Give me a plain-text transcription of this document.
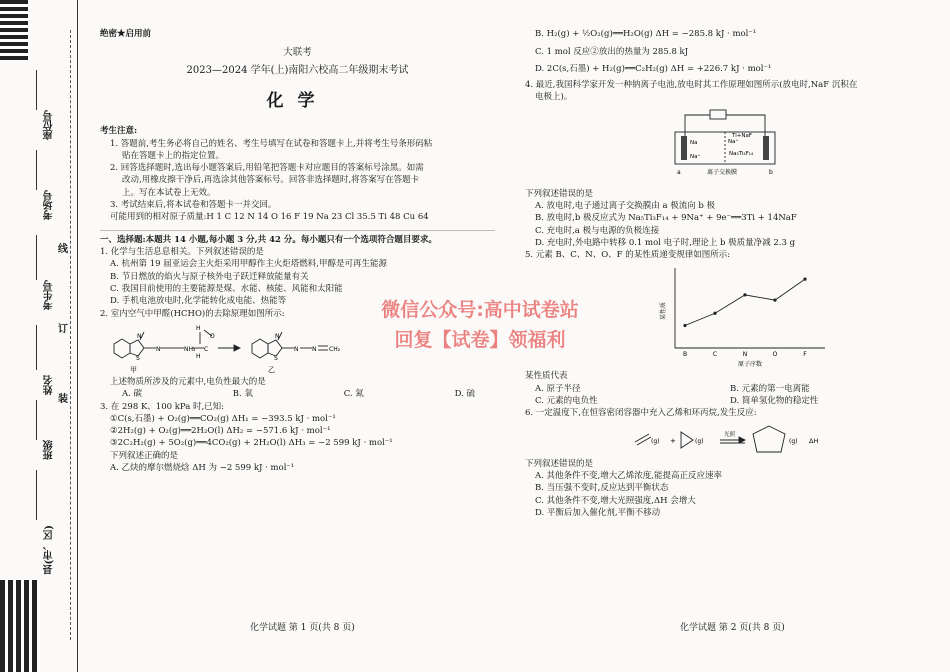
座位号
考场号
考生号
姓名
班级
县(市、区)
线
订
装
绝密★启用前
大联考
2023—2024 学年(上)南阳六校高二年级期末考试
化学
考生注意:
1. 答题前,考生务必将自己的姓名、考生号填写在试卷和答题卡上,并将考生号条形码粘
贴在答题卡上的指定位置。
2. 回答选择题时,选出每小题答案后,用铅笔把答题卡对应题目的答案标号涂黑。如需
改动,用橡皮擦干净后,再选涂其他答案标号。回答非选择题时,将答案写在答题卡
上。写在本试卷上无效。
3. 考试结束后,将本试卷和答题卡一并交回。
可能用到的相对原子质量:H 1 C 12 N 14 O 16 F 19 Na 23 Cl 35.5 Ti 48 Cu 64
一、选择题:本题共 14 小题,每小题 3 分,共 42 分。每小题只有一个选项符合题目要求。
1. 化学与生活息息相关。下列叙述错误的是
A. 杭州第 19 届亚运会主火炬采用甲醇作主火炬塔燃料,甲醇是可再生能源
B. 节日燃放的焰火与原子核外电子跃迁释放能量有关
C. 我国目前使用的主要能源是煤、水能、核能、风能和太阳能
D. 手机电池放电时,化学能转化成电能、热能等
2. 室内空气中甲醛(HCHO)的去除原理如图所示:
S
N
N	NH₂
H
C
O
H	S
N
N N CH₂
甲	乙
上述物质所涉及的元素中,电负性最大的是
A. 碳	B. 氧	C. 氮	D. 硫
3. 在 298 K、100 kPa 时,已知:
①C(s,石墨) + O₂(g)══CO₂(g) ΔH₁ = −393.5 kJ · mol⁻¹
②2H₂(g) + O₂(g)══2H₂O(l) ΔH₂ = −571.6 kJ · mol⁻¹
③2C₂H₂(g) + 5O₂(g)══4CO₂(g) + 2H₂O(l) ΔH₃ = −2 599 kJ · mol⁻¹
下列叙述正确的是
A. 乙炔的摩尔燃烧焓 ΔH 为 −2 599 kJ · mol⁻¹
B. H₂(g) + ½O₂(g)══H₂O(g) ΔH = −285.8 kJ · mol⁻¹
C. 1 mol 反应②放出的热量为 285.8 kJ
D. 2C(s,石墨) + H₂(g)══C₂H₂(g) ΔH = +226.7 kJ · mol⁻¹
4. 最近,我国科学家开发一种钠离子电池,放电时其工作原理如图所示(放电时,NaF 沉积在
电极上)。
Na
Na⁺
Na⁺
Ti+NaF
Na₃Ti₂F₁₄
a	b
离子交换膜
下列叙述错误的是
A. 放电时,电子通过离子交换膜由 a 极流向 b 极
B. 放电时,b 极反应式为 Na₅Ti₃F₁₄ + 9Na⁺ + 9e⁻══3Ti + 14NaF
C. 充电时,a 极与电源的负极连接
D. 充电时,外电路中转移 0.1 mol 电子时,理论上 b 极质量净减 2.3 g
5. 元素 B、C、N、O、F 的某性质递变规律如图所示:
某性质
原子序数
B	C	N	O	F
某性质代表
A. 原子半径	B. 元素的第一电离能
C. 元素的电负性	D. 简单氢化物的稳定性
6. 一定温度下,在恒容密闭容器中充入乙烯和环丙烷,发生反应:
(g) +	(g)
光照
(g) ΔH
下列叙述错误的是
A. 其他条件不变,增大乙烯浓度,能提高正反应速率
B. 当压强不变时,反应达到平衡状态
C. 其他条件不变,增大光照强度,ΔH 会增大
D. 平衡后加入催化剂,平衡不移动
化学试题 第 1 页(共 8 页)	化学试题 第 2 页(共 8 页)
微信公众号:高中试卷站
回复【试卷】领福利
